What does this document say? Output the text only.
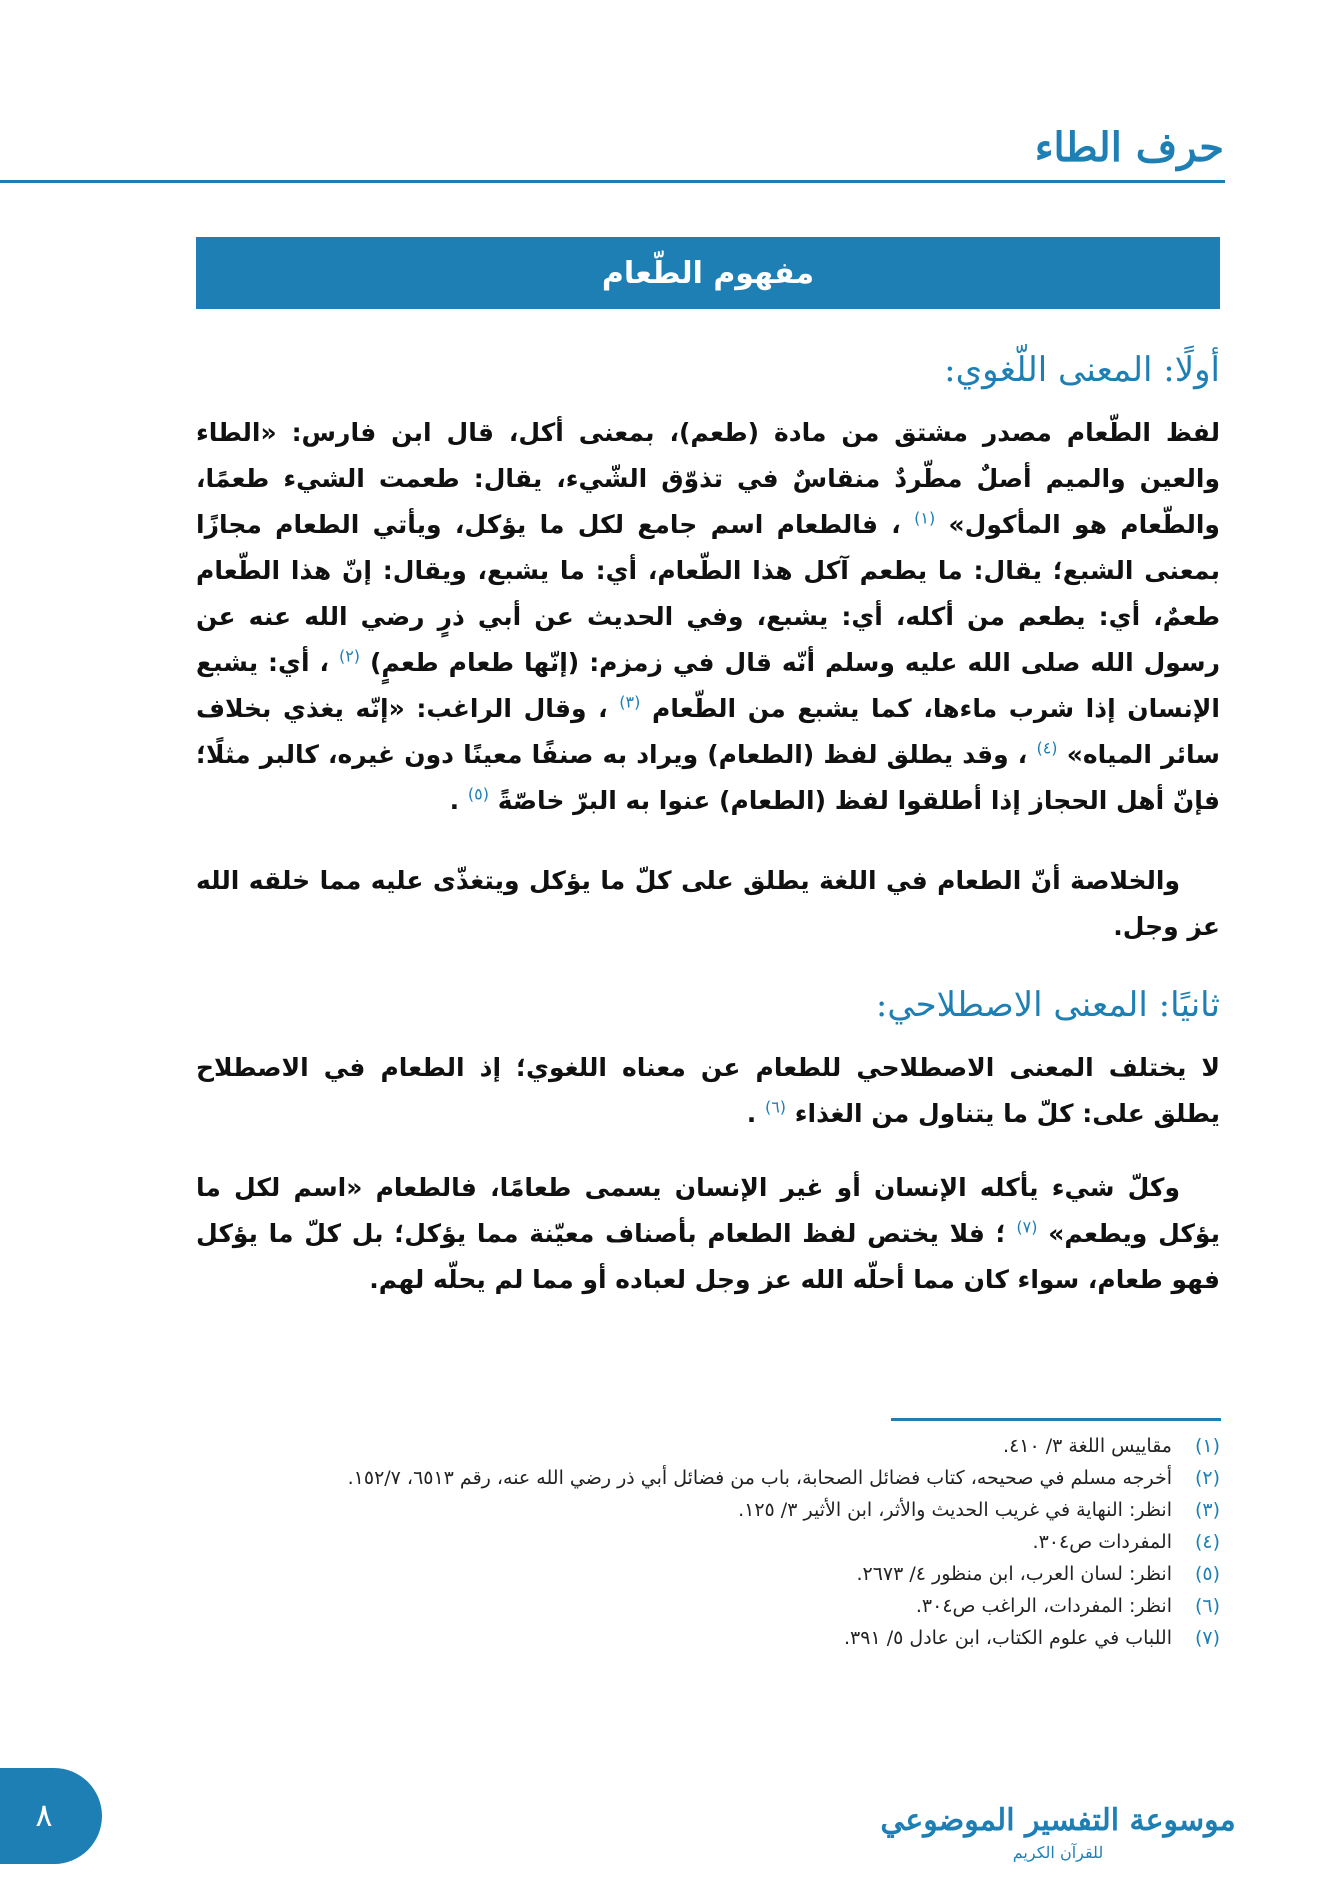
حرف الطاء
مفهوم الطّعام
أولًا: المعنى اللّغوي:

لفظ الطّعام مصدر مشتق من مادة (طعم)، بمعنى أكل، قال ابن فارس: «الطاء والعين والميم أصلٌ مطّردٌ منقاسٌ في تذوّق الشّيء، يقال: طعمت الشيء طعمًا، والطّعام هو المأكول» $^{(١)}$ ، فالطعام اسم جامع لكل ما يؤكل، ويأتي الطعام مجازًا بمعنى الشبع؛ يقال: ما يطعم آكل هذا الطّعام، أي: ما يشبع، ويقال: إنّ هذا الطّعام طعمٌ، أي: يطعم من أكله، أي: يشبع، وفي الحديث عن أبي ذرٍ رضي الله عنه عن رسول الله صلى الله عليه وسلم أنّه قال في زمزم: (إنّها طعام طعمٍ) $^{(٢)}$ ، أي: يشبع الإنسان إذا شرب ماءها، كما يشبع من الطّعام $^{(٣)}$ ، وقال الراغب: «إنّه يغذي بخلاف سائر المياه» $^{(٤)}$ ، وقد يطلق لفظ (الطعام) ويراد به صنفًا معينًا دون غيره، كالبر مثلًا؛ فإنّ أهل الحجاز إذا أطلقوا لفظ (الطعام) عنوا به البرّ خاصّةً $^{(٥)}$ .

والخلاصة أنّ الطعام في اللغة يطلق على كلّ ما يؤكل ويتغذّى عليه مما خلقه الله عز وجل.

ثانيًا: المعنى الاصطلاحي:

لا يختلف المعنى الاصطلاحي للطعام عن معناه اللغوي؛ إذ الطعام في الاصطلاح يطلق على: كلّ ما يتناول من الغذاء $^{(٦)}$ .

وكلّ شيء يأكله الإنسان أو غير الإنسان يسمى طعامًا، فالطعام «اسم لكل ما يؤكل ويطعم» $^{(٧)}$ ؛ فلا يختص لفظ الطعام بأصناف معيّنة مما يؤكل؛ بل كلّ ما يؤكل فهو طعام، سواء كان مما أحلّه الله عز وجل لعباده أو مما لم يحلّه لهم.

(١)
مقاييس اللغة ٣/ ٤١٠.
(٢)
أخرجه مسلم في صحيحه، كتاب فضائل الصحابة، باب من فضائل أبي ذر رضي الله عنه، رقم ٦٥١٣، ١٥٢/٧.
(٣)
انظر: النهاية في غريب الحديث والأثر، ابن الأثير ٣/ ١٢٥.
(٤)
المفردات ص٣٠٤.
(٥)
انظر: لسان العرب، ابن منظور ٤/ ٢٦٧٣.
(٦)
انظر: المفردات، الراغب ص٣٠٤.
(٧)
اللباب في علوم الكتاب، ابن عادل ٥/ ٣٩١.
موسوعة التفسير الموضوعي
للقرآن الكريم
٨
